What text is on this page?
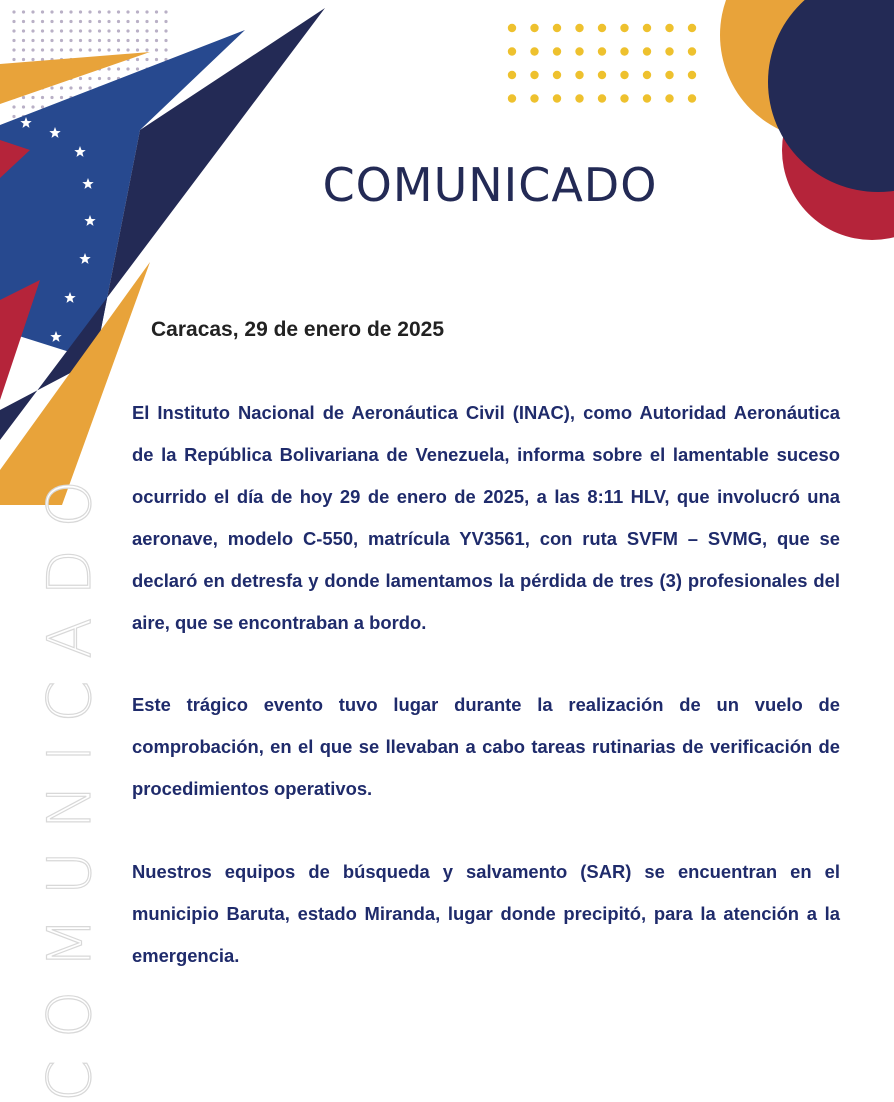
COMUNICADO
COMUNICADO
Caracas, 29 de enero de 2025

El Instituto Nacional de Aeronáutica Civil (INAC), como Autoridad Aeronáutica de la República Bolivariana de Venezuela, informa sobre el lamentable suceso ocurrido el día de hoy 29 de enero de 2025, a las 8:11 HLV, que involucró una aeronave, modelo C-550, matrícula YV3561, con ruta SVFM – SVMG, que se declaró en detresfa y donde lamentamos la pérdida de tres (3) profesionales del aire, que se encontraban a bordo.

Este trágico evento tuvo lugar durante la realización de un vuelo de comprobación, en el que se llevaban a cabo tareas rutinarias de verificación de procedimientos operativos.

Nuestros equipos de búsqueda y salvamento (SAR) se encuentran en el municipio Baruta, estado Miranda, lugar donde precipitó, para la atención a la emergencia.
